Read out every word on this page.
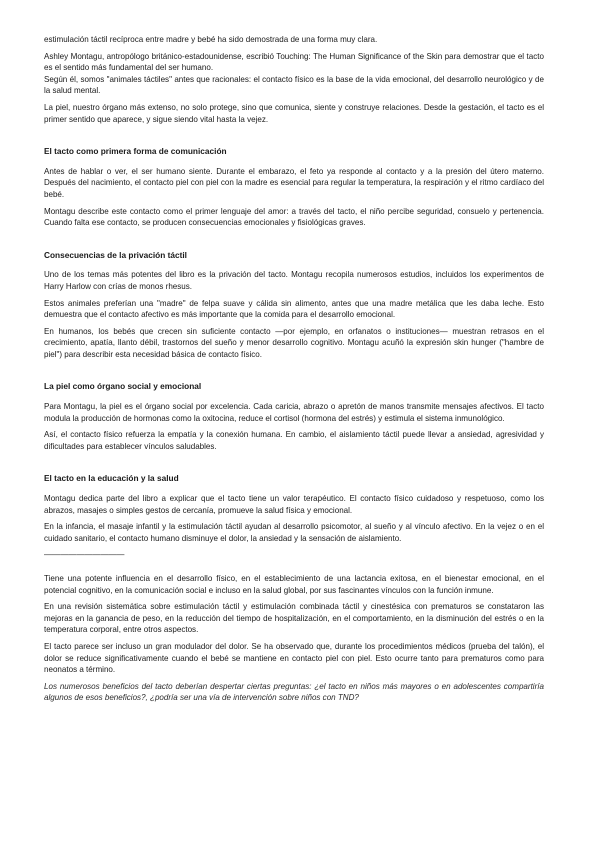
estimulación táctil recíproca entre madre y bebé ha sido demostrada de una forma muy clara.

Ashley Montagu, antropólogo británico-estadounidense, escribió Touching: The Human Significance of the Skin para demostrar que el tacto es el sentido más fundamental del ser humano.

Según él, somos "animales táctiles" antes que racionales: el contacto físico es la base de la vida emocional, del desarrollo neurológico y de la salud mental.

La piel, nuestro órgano más extenso, no solo protege, sino que comunica, siente y construye relaciones. Desde la gestación, el tacto es el primer sentido que aparece, y sigue siendo vital hasta la vejez.

El tacto como primera forma de comunicación

Antes de hablar o ver, el ser humano siente. Durante el embarazo, el feto ya responde al contacto y a la presión del útero materno. Después del nacimiento, el contacto piel con piel con la madre es esencial para regular la temperatura, la respiración y el ritmo cardíaco del bebé.

Montagu describe este contacto como el primer lenguaje del amor: a través del tacto, el niño percibe seguridad, consuelo y pertenencia. Cuando falta ese contacto, se producen consecuencias emocionales y fisiológicas graves.

Consecuencias de la privación táctil

Uno de los temas más potentes del libro es la privación del tacto. Montagu recopila numerosos estudios, incluidos los experimentos de Harry Harlow con crías de monos rhesus.

Estos animales preferían una "madre" de felpa suave y cálida sin alimento, antes que una madre metálica que les daba leche. Esto demuestra que el contacto afectivo es más importante que la comida para el desarrollo emocional.

En humanos, los bebés que crecen sin suficiente contacto —por ejemplo, en orfanatos o instituciones— muestran retrasos en el crecimiento, apatía, llanto débil, trastornos del sueño y menor desarrollo cognitivo. Montagu acuñó la expresión skin hunger ("hambre de piel") para describir esta necesidad básica de contacto físico.

La piel como órgano social y emocional

Para Montagu, la piel es el órgano social por excelencia. Cada caricia, abrazo o apretón de manos transmite mensajes afectivos. El tacto modula la producción de hormonas como la oxitocina, reduce el cortisol (hormona del estrés) y estimula el sistema inmunológico.

Así, el contacto físico refuerza la empatía y la conexión humana. En cambio, el aislamiento táctil puede llevar a ansiedad, agresividad y dificultades para establecer vínculos saludables.

El tacto en la educación y la salud

Montagu dedica parte del libro a explicar que el tacto tiene un valor terapéutico. El contacto físico cuidadoso y respetuoso, como los abrazos, masajes o simples gestos de cercanía, promueve la salud física y emocional.

En la infancia, el masaje infantil y la estimulación táctil ayudan al desarrollo psicomotor, al sueño y al vínculo afectivo. En la vejez o en el cuidado sanitario, el contacto humano disminuye el dolor, la ansiedad y la sensación de aislamiento.

——————————

Tiene una potente influencia en el desarrollo físico, en el establecimiento de una lactancia exitosa, en el bienestar emocional, en el potencial cognitivo, en la comunicación social e incluso en la salud global, por sus fascinantes vínculos con la función inmune.

En una revisión sistemática sobre estimulación táctil y estimulación combinada táctil y cinestésica con prematuros se constataron las mejoras en la ganancia de peso, en la reducción del tiempo de hospitalización, en el comportamiento, en la disminución del estrés o en la temperatura corporal, entre otros aspectos.

El tacto parece ser incluso un gran modulador del dolor. Se ha observado que, durante los procedimientos médicos (prueba del talón), el dolor se reduce significativamente cuando el bebé se mantiene en contacto piel con piel. Esto ocurre tanto para prematuros como para neonatos a término.

Los numerosos beneficios del tacto deberían despertar ciertas preguntas: ¿el tacto en niños más mayores o en adolescentes compartiría algunos de esos beneficios?, ¿podría ser una vía de intervención sobre niños con TND?
